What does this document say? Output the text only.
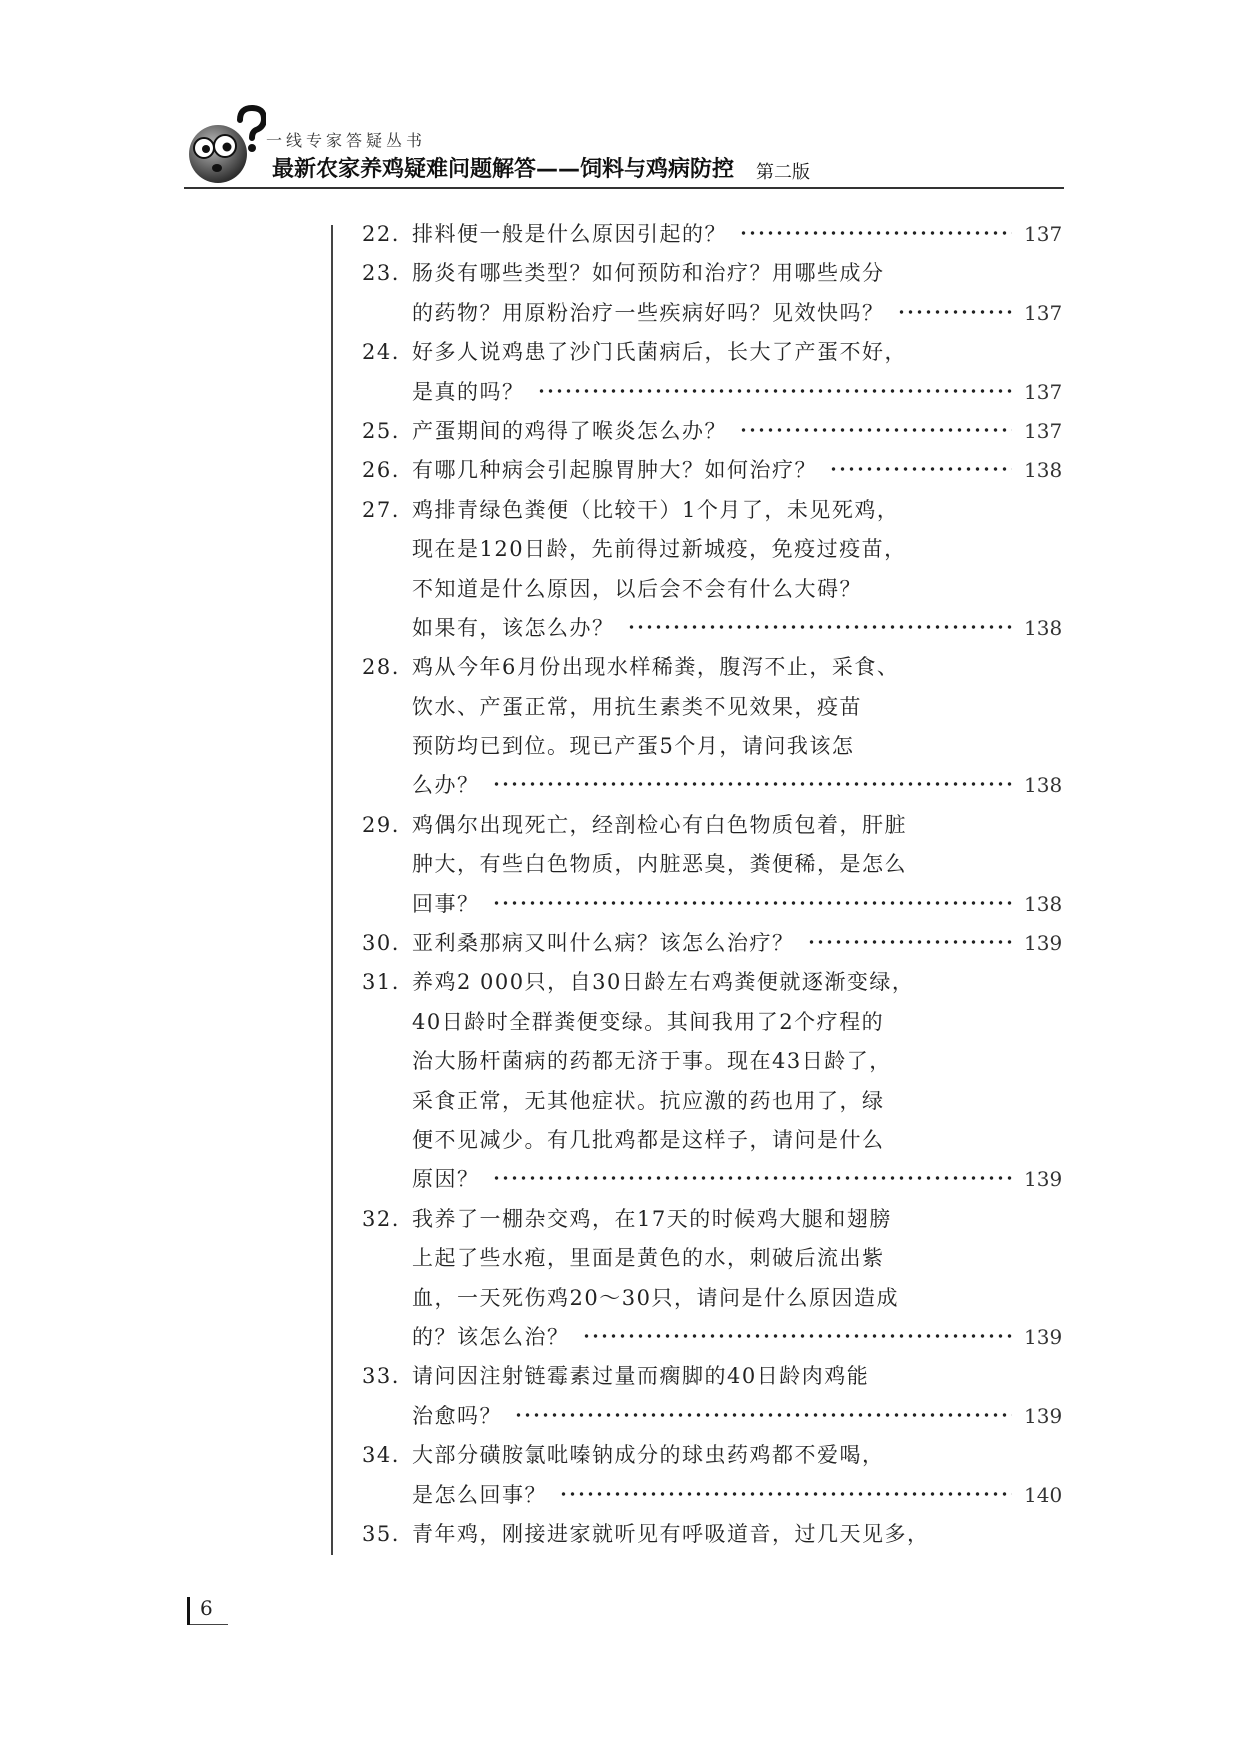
一线专家答疑丛书
最新农家养鸡疑难问题解答——饲料与鸡病防控 第二版
22. 排料便一般是什么原因引起的？	137
23. 肠炎有哪些类型？如何预防和治疗？用哪些成分
的药物？用原粉治疗一些疾病好吗？见效快吗？	137
24. 好多人说鸡患了沙门氏菌病后，长大了产蛋不好，
是真的吗？	137
25. 产蛋期间的鸡得了喉炎怎么办？	137
26. 有哪几种病会引起腺胃肿大？如何治疗？	138
27. 鸡排青绿色粪便（比较干）1个月了，未见死鸡，
现在是120日龄，先前得过新城疫，免疫过疫苗，
不知道是什么原因，以后会不会有什么大碍？
如果有，该怎么办？	138
28. 鸡从今年6月份出现水样稀粪，腹泻不止，采食、
饮水、产蛋正常，用抗生素类不见效果，疫苗
预防均已到位。现已产蛋5个月，请问我该怎
么办？	138
29. 鸡偶尔出现死亡，经剖检心有白色物质包着，肝脏
肿大，有些白色物质，内脏恶臭，粪便稀，是怎么
回事？	138
30. 亚利桑那病又叫什么病？该怎么治疗？	139
31. 养鸡2 000只，自30日龄左右鸡粪便就逐渐变绿，
40日龄时全群粪便变绿。其间我用了2个疗程的
治大肠杆菌病的药都无济于事。现在43日龄了，
采食正常，无其他症状。抗应激的药也用了，绿
便不见减少。有几批鸡都是这样子，请问是什么
原因？	139
32. 我养了一棚杂交鸡，在17天的时候鸡大腿和翅膀
上起了些水疱，里面是黄色的水，刺破后流出紫
血，一天死伤鸡20～30只，请问是什么原因造成
的？该怎么治？	139
33. 请问因注射链霉素过量而瘸脚的40日龄肉鸡能
治愈吗？	139
34. 大部分磺胺氯吡嗪钠成分的球虫药鸡都不爱喝，
是怎么回事？	140
35. 青年鸡，刚接进家就听见有呼吸道音，过几天见多，
6
